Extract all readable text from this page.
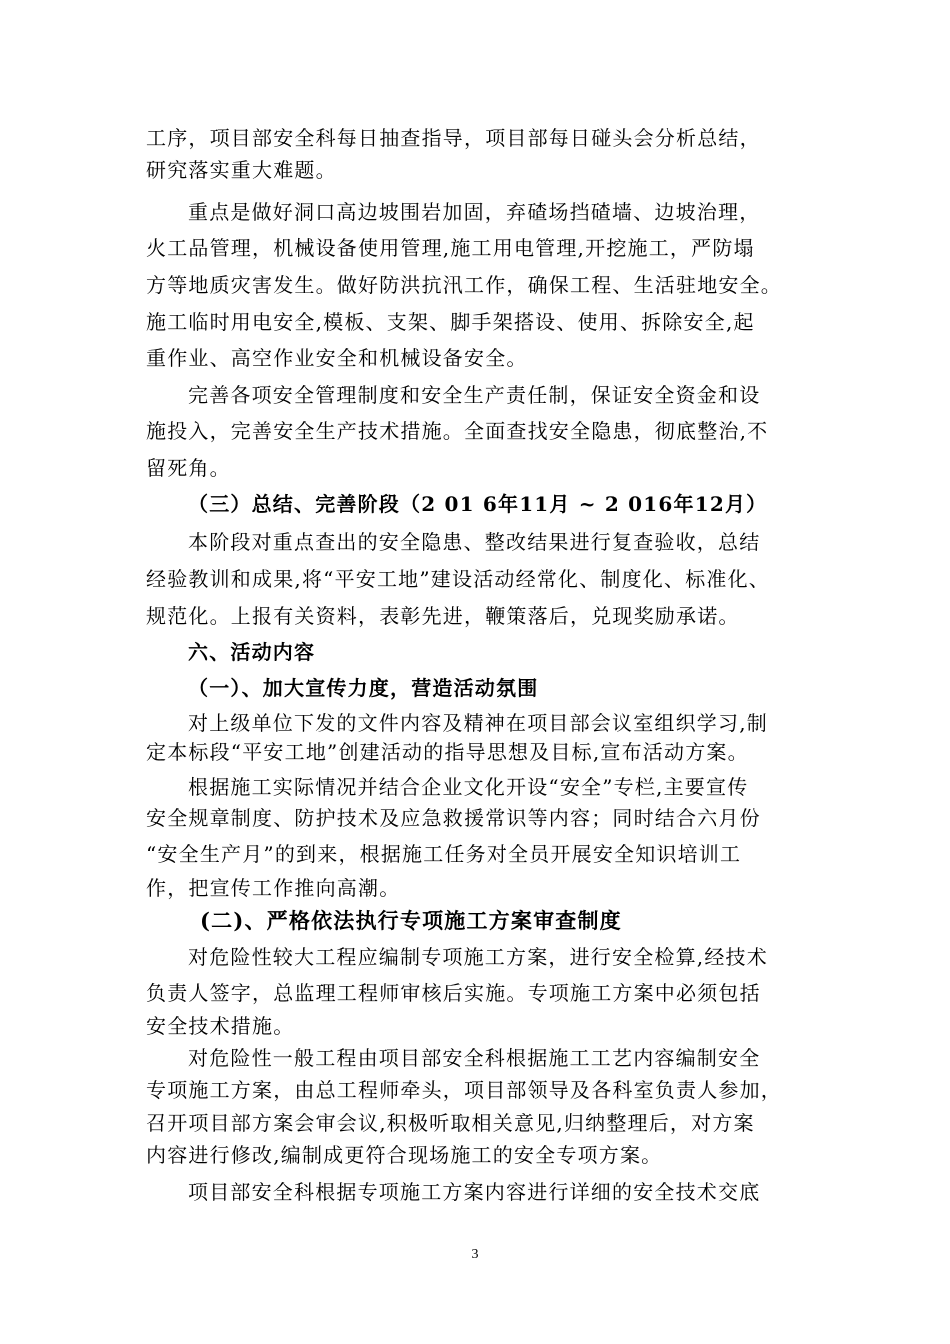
工序，项目部安全科每日抽查指导，项目部每日碰头会分析总结，
研究落实重大难题。
重点是做好洞口高边坡围岩加固，弃碴场挡碴墙、边坡治理，
火工品管理，机械设备使用管理,施工用电管理,开挖施工，严防塌
方等地质灾害发生。做好防洪抗汛工作，确保工程、生活驻地安全。
施工临时用电安全,模板、支架、脚手架搭设、使用、拆除安全,起
重作业、高空作业安全和机械设备安全。
完善各项安全管理制度和安全生产责任制，保证安全资金和设
施投入，完善安全生产技术措施。全面查找安全隐患，彻底整治,不
留死角。
（三）总结、完善阶段（2 01 6年11月 ~ 2 016年12月）
本阶段对重点查出的安全隐患、整改结果进行复查验收，总结
经验教训和成果,将“平安工地”建设活动经常化、制度化、标准化、
规范化。上报有关资料，表彰先进，鞭策落后，兑现奖励承诺。
六、活动内容
（一）、加大宣传力度，营造活动氛围
对上级单位下发的文件内容及精神在项目部会议室组织学习,制
定本标段“平安工地”创建活动的指导思想及目标,宣布活动方案。
根据施工实际情况并结合企业文化开设“安全”专栏,主要宣传
安全规章制度、防护技术及应急救援常识等内容；同时结合六月份
“安全生产月”的到来，根据施工任务对全员开展安全知识培训工
作，把宣传工作推向高潮。
(二)、严格依法执行专项施工方案审查制度
对危险性较大工程应编制专项施工方案，进行安全检算,经技术
负责人签字，总监理工程师审核后实施。专项施工方案中必须包括
安全技术措施。
对危险性一般工程由项目部安全科根据施工工艺内容编制安全
专项施工方案，由总工程师牵头，项目部领导及各科室负责人参加，
召开项目部方案会审会议,积极听取相关意见,归纳整理后，对方案
内容进行修改,编制成更符合现场施工的安全专项方案。
项目部安全科根据专项施工方案内容进行详细的安全技术交底
3
